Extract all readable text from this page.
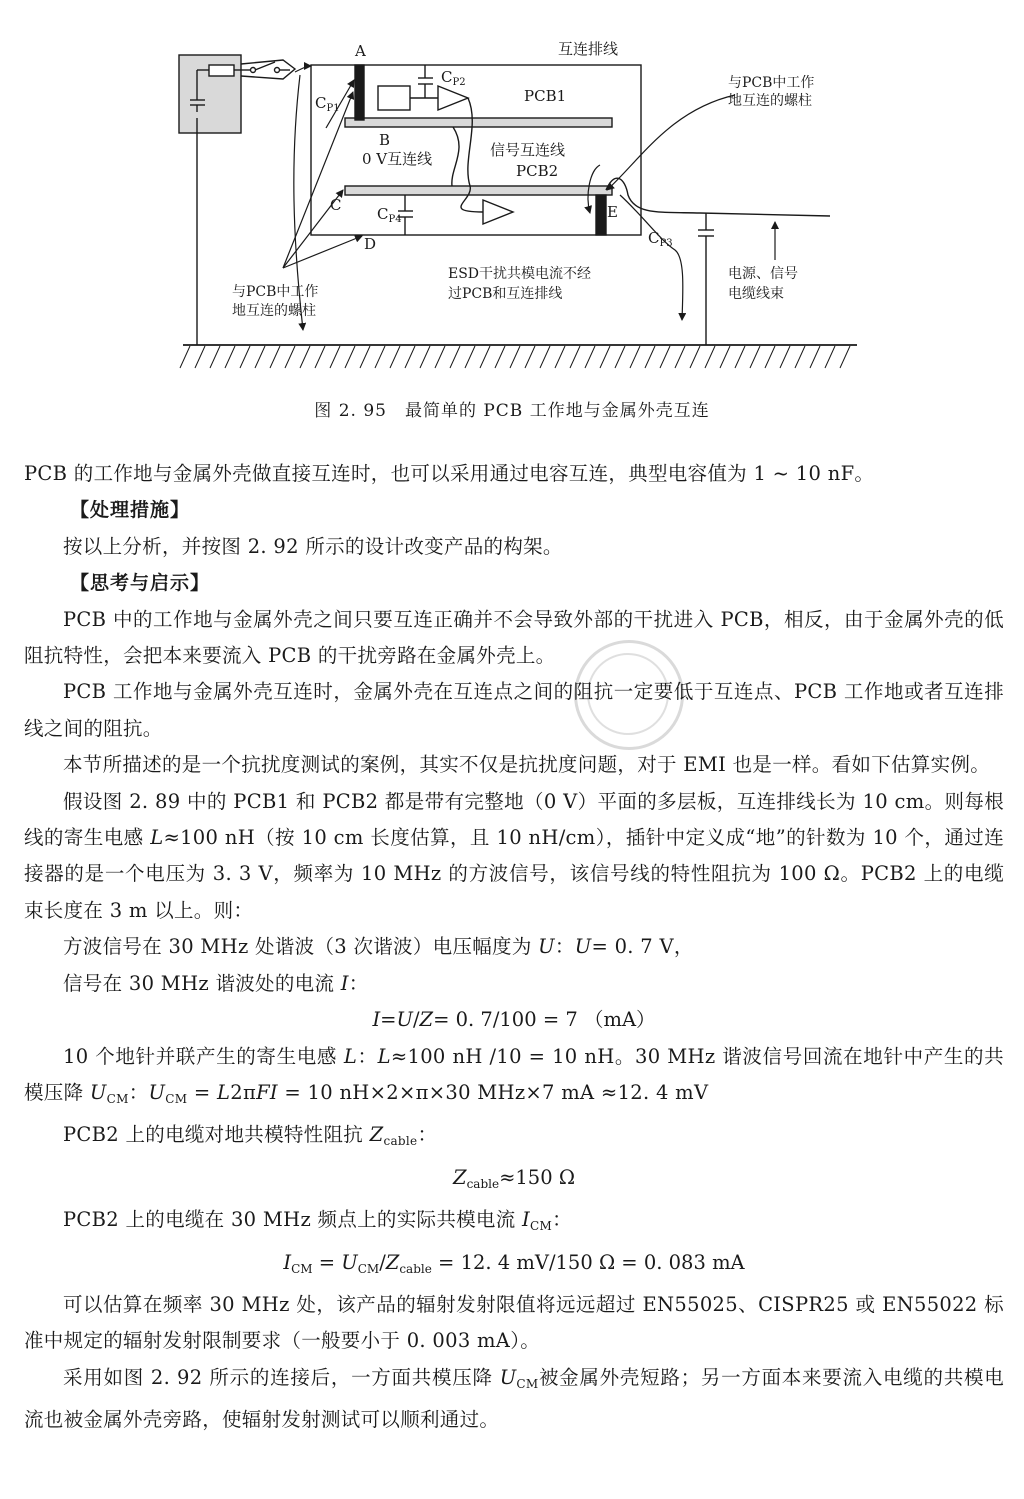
A	互连排线
$C_{P2}$
$C_{P1}$
PCB1
与PCB中工作
地互连的螺柱
B
0 V互连线	信号互连线
PCB2
C $C_{P4}$	E
$C_{P3}$
D
ESD干扰共模电流不经
过PCB和互连排线
电源、信号
电缆线束
与PCB中工作
地互连的螺柱
图 2. 95　最简单的 PCB 工作地与金属外壳互连

PCB 的工作地与金属外壳做直接互连时，也可以采用通过电容互连，典型电容值为 1 ~ 10 nF。

【处理措施】

按以上分析，并按图 2. 92 所示的设计改变产品的构架。

【思考与启示】

PCB 中的工作地与金属外壳之间只要互连正确并不会导致外部的干扰进入 PCB，相反，由于金属外壳的低阻抗特性，会把本来要流入 PCB 的干扰旁路在金属外壳上。

PCB 工作地与金属外壳互连时，金属外壳在互连点之间的阻抗一定要低于互连点、PCB 工作地或者互连排线之间的阻抗。

本节所描述的是一个抗扰度测试的案例，其实不仅是抗扰度问题，对于 EMI 也是一样。看如下估算实例。

假设图 2. 89 中的 PCB1 和 PCB2 都是带有完整地（0 V）平面的多层板，互连排线长为 10 cm。则每根线的寄生电感 L≈100 nH（按 10 cm 长度估算，且 10 nH/cm），插针中定义成“地”的针数为 10 个，通过连接器的是一个电压为 3. 3 V，频率为 10 MHz 的方波信号，该信号线的特性阻抗为 100 Ω。PCB2 上的电缆束长度在 3 m 以上。则：

方波信号在 30 MHz 处谐波（3 次谐波）电压幅度为 U：U= 0. 7 V，

信号在 30 MHz 谐波处的电流 I：

I=U/Z= 0. 7/100 = 7 （mA）

10 个地针并联产生的寄生电感 L：L≈100 nH /10 = 10 nH。30 MHz 谐波信号回流在地针中产生的共模压降 $U_{CM}$：$U_{CM} = L2\pi FI = 10$ nH×2×π×30 MHz×7 mA ≈12. 4 mV

PCB2 上的电缆对地共模特性阻抗 $Z_{cable}$：

$Z_{cable}\approx 150$ Ω

PCB2 上的电缆在 30 MHz 频点上的实际共模电流 $I_{CM}$：

$I_{CM} = U_{CM}/Z_{cable} = 12$. 4 mV/150 Ω = 0. 083 mA

可以估算在频率 30 MHz 处，该产品的辐射发射限值将远远超过 EN55025、CISPR25 或 EN55022 标准中规定的辐射发射限制要求（一般要小于 0. 003 mA）。

采用如图 2. 92 所示的连接后，一方面共模压降 $U_{CM}$被金属外壳短路；另一方面本来要流入电缆的共模电流也被金属外壳旁路，使辐射发射测试可以顺利通过。
